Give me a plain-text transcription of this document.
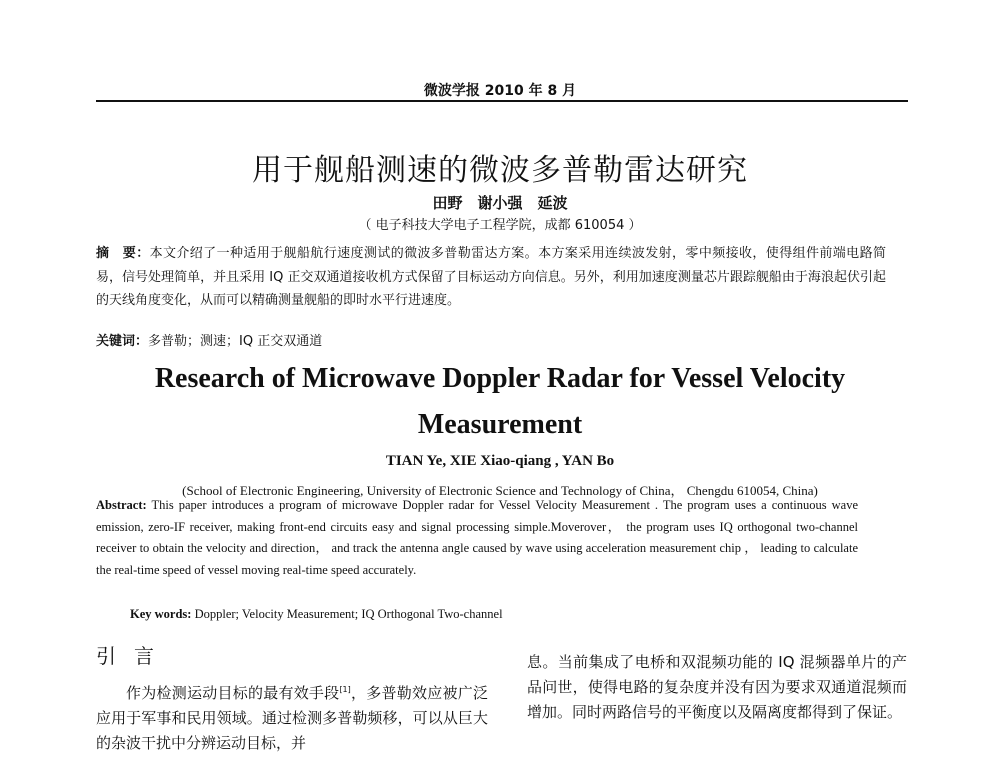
微波学报 2010 年 8 月
用于舰船测速的微波多普勒雷达研究
田野　谢小强　延波
（ 电子科技大学电子工程学院，成都 610054 ）
摘　要：本文介绍了一种适用于舰船航行速度测试的微波多普勒雷达方案。本方案采用连续波发射，零中频接收，使得组件前端电路简易，信号处理简单，并且采用 IQ 正交双通道接收机方式保留了目标运动方向信息。另外，利用加速度测量芯片跟踪舰船由于海浪起伏引起的天线角度变化，从而可以精确测量舰船的即时水平行进速度。
关键词：多普勒；测速；IQ 正交双通道
Research of Microwave Doppler Radar for Vessel Velocity Measurement
TIAN Ye, XIE Xiao-qiang , YAN Bo
(School of Electronic Engineering, University of Electronic Science and Technology of China， Chengdu 610054, China)
Abstract: This paper introduces a program of microwave Doppler radar for Vessel Velocity Measurement . The program uses a continuous wave emission, zero-IF receiver, making front-end circuits easy and signal processing simple.Moverover， the program uses IQ orthogonal two-channel receiver to obtain the velocity and direction， and track the antenna angle caused by wave using acceleration measurement chip ， leading to calculate the real-time speed of vessel moving real-time speed accurately.
Key words: Doppler; Velocity Measurement; IQ Orthogonal Two-channel
引言
作为检测运动目标的最有效手段[1]，多普勒效应被广泛应用于军事和民用领域。通过检测多普勒频移，可以从巨大的杂波干扰中分辨运动目标，并
息。当前集成了电桥和双混频功能的 IQ 混频器单片的产品问世，使得电路的复杂度并没有因为要求双通道混频而增加。同时两路信号的平衡度以及隔离度都得到了保证。
